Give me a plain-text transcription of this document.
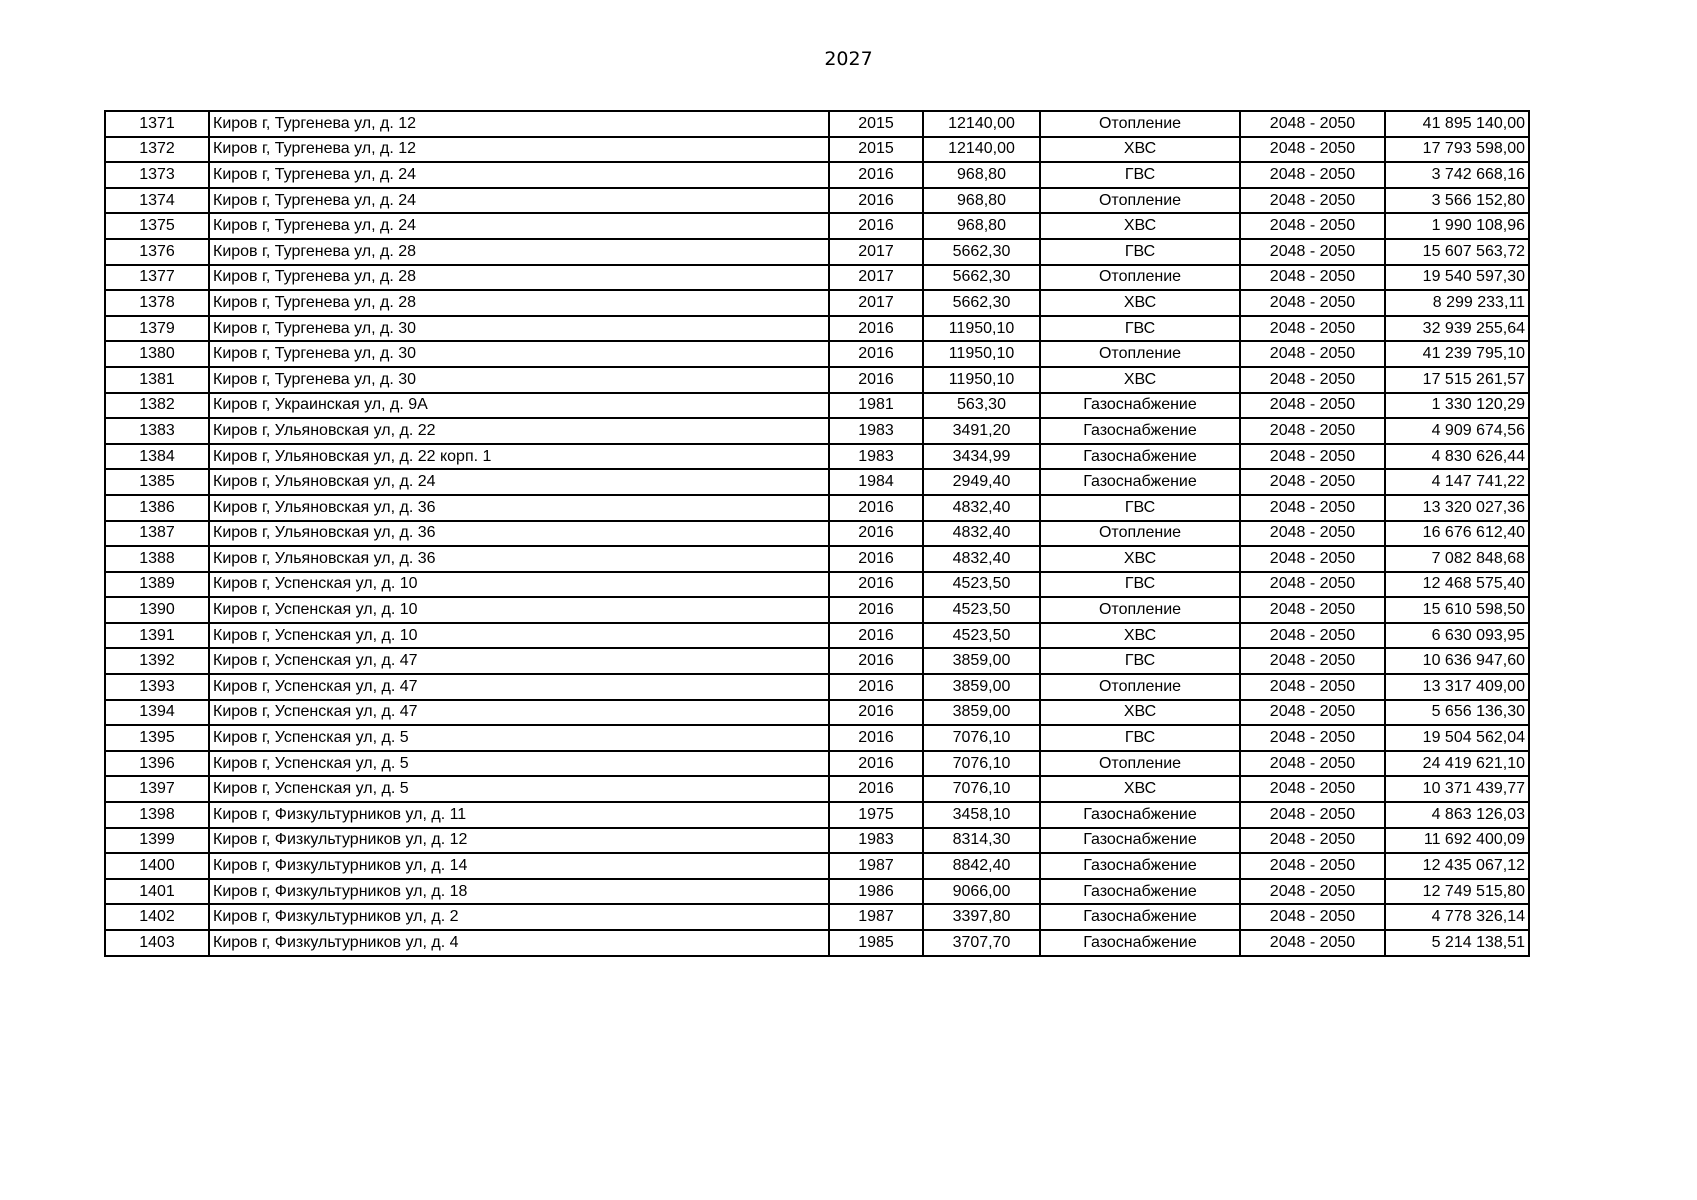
2027
1371	Киров г, Тургенева ул, д. 12	2015	12140,00	Отопление	2048 - 2050	41 895 140,00
1372	Киров г, Тургенева ул, д. 12	2015	12140,00	ХВС	2048 - 2050	17 793 598,00
1373	Киров г, Тургенева ул, д. 24	2016	968,80	ГВС	2048 - 2050	3 742 668,16
1374	Киров г, Тургенева ул, д. 24	2016	968,80	Отопление	2048 - 2050	3 566 152,80
1375	Киров г, Тургенева ул, д. 24	2016	968,80	ХВС	2048 - 2050	1 990 108,96
1376	Киров г, Тургенева ул, д. 28	2017	5662,30	ГВС	2048 - 2050	15 607 563,72
1377	Киров г, Тургенева ул, д. 28	2017	5662,30	Отопление	2048 - 2050	19 540 597,30
1378	Киров г, Тургенева ул, д. 28	2017	5662,30	ХВС	2048 - 2050	8 299 233,11
1379	Киров г, Тургенева ул, д. 30	2016	11950,10	ГВС	2048 - 2050	32 939 255,64
1380	Киров г, Тургенева ул, д. 30	2016	11950,10	Отопление	2048 - 2050	41 239 795,10
1381	Киров г, Тургенева ул, д. 30	2016	11950,10	ХВС	2048 - 2050	17 515 261,57
1382	Киров г, Украинская ул, д. 9А	1981	563,30	Газоснабжение	2048 - 2050	1 330 120,29
1383	Киров г, Ульяновская ул, д. 22	1983	3491,20	Газоснабжение	2048 - 2050	4 909 674,56
1384	Киров г, Ульяновская ул, д. 22 корп. 1	1983	3434,99	Газоснабжение	2048 - 2050	4 830 626,44
1385	Киров г, Ульяновская ул, д. 24	1984	2949,40	Газоснабжение	2048 - 2050	4 147 741,22
1386	Киров г, Ульяновская ул, д. 36	2016	4832,40	ГВС	2048 - 2050	13 320 027,36
1387	Киров г, Ульяновская ул, д. 36	2016	4832,40	Отопление	2048 - 2050	16 676 612,40
1388	Киров г, Ульяновская ул, д. 36	2016	4832,40	ХВС	2048 - 2050	7 082 848,68
1389	Киров г, Успенская ул, д. 10	2016	4523,50	ГВС	2048 - 2050	12 468 575,40
1390	Киров г, Успенская ул, д. 10	2016	4523,50	Отопление	2048 - 2050	15 610 598,50
1391	Киров г, Успенская ул, д. 10	2016	4523,50	ХВС	2048 - 2050	6 630 093,95
1392	Киров г, Успенская ул, д. 47	2016	3859,00	ГВС	2048 - 2050	10 636 947,60
1393	Киров г, Успенская ул, д. 47	2016	3859,00	Отопление	2048 - 2050	13 317 409,00
1394	Киров г, Успенская ул, д. 47	2016	3859,00	ХВС	2048 - 2050	5 656 136,30
1395	Киров г, Успенская ул, д. 5	2016	7076,10	ГВС	2048 - 2050	19 504 562,04
1396	Киров г, Успенская ул, д. 5	2016	7076,10	Отопление	2048 - 2050	24 419 621,10
1397	Киров г, Успенская ул, д. 5	2016	7076,10	ХВС	2048 - 2050	10 371 439,77
1398	Киров г, Физкультурников ул, д. 11	1975	3458,10	Газоснабжение	2048 - 2050	4 863 126,03
1399	Киров г, Физкультурников ул, д. 12	1983	8314,30	Газоснабжение	2048 - 2050	11 692 400,09
1400	Киров г, Физкультурников ул, д. 14	1987	8842,40	Газоснабжение	2048 - 2050	12 435 067,12
1401	Киров г, Физкультурников ул, д. 18	1986	9066,00	Газоснабжение	2048 - 2050	12 749 515,80
1402	Киров г, Физкультурников ул, д. 2	1987	3397,80	Газоснабжение	2048 - 2050	4 778 326,14
1403	Киров г, Физкультурников ул, д. 4	1985	3707,70	Газоснабжение	2048 - 2050	5 214 138,51
